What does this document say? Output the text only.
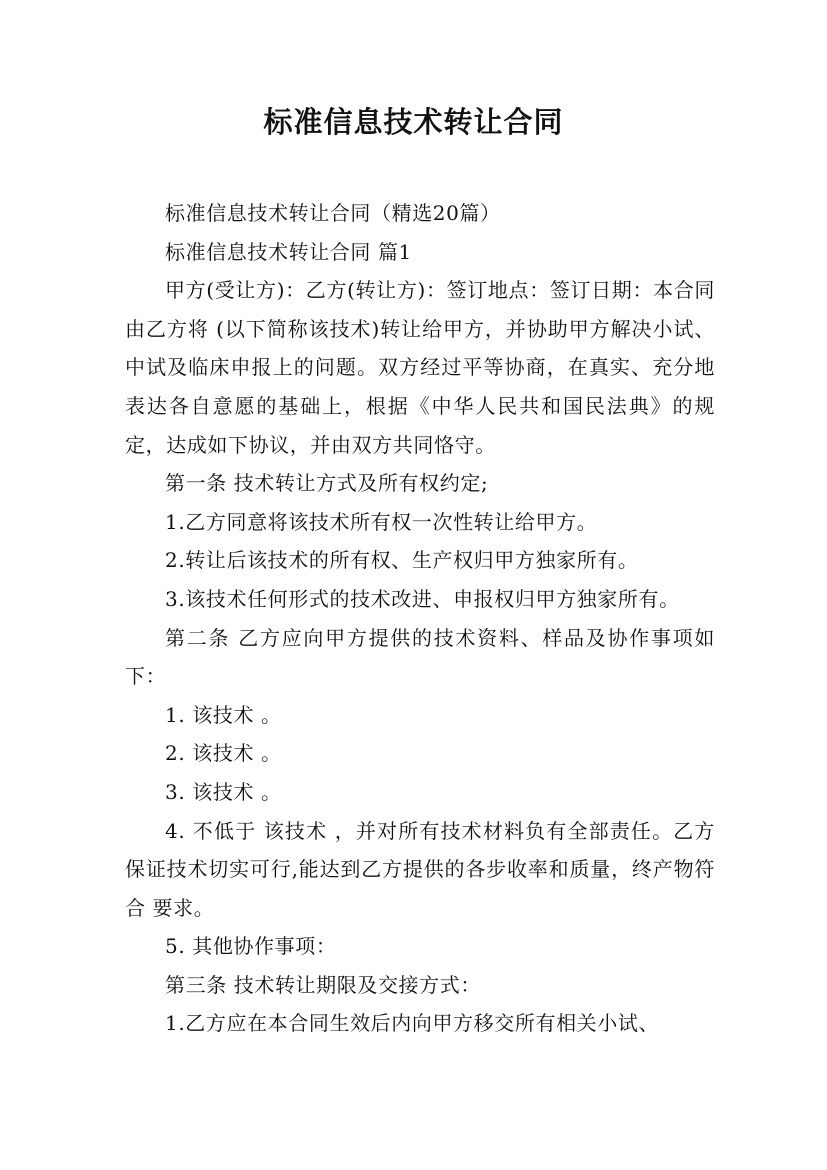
标准信息技术转让合同

标准信息技术转让合同（精选20篇）

标准信息技术转让合同 篇1

甲方(受让方)：乙方(转让方)：签订地点：签订日期：本合同由乙方将 (以下简称该技术)转让给甲方，并协助甲方解决小试、中试及临床申报上的问题。双方经过平等协商，在真实、充分地表达各自意愿的基础上，根据《中华人民共和国民法典》的规定，达成如下协议，并由双方共同恪守。

第一条 技术转让方式及所有权约定;

1.乙方同意将该技术所有权一次性转让给甲方。

2.转让后该技术的所有权、生产权归甲方独家所有。

3.该技术任何形式的技术改进、申报权归甲方独家所有。

第二条 乙方应向甲方提供的技术资料、样品及协作事项如下：

1. 该技术 。

2. 该技术 。

3. 该技术 。

4. 不低于 该技术 ，并对所有技术材料负有全部责任。乙方保证技术切实可行,能达到乙方提供的各步收率和质量，终产物符合 要求。

5. 其他协作事项：

第三条 技术转让期限及交接方式：

1.乙方应在本合同生效后内向甲方移交所有相关小试、
